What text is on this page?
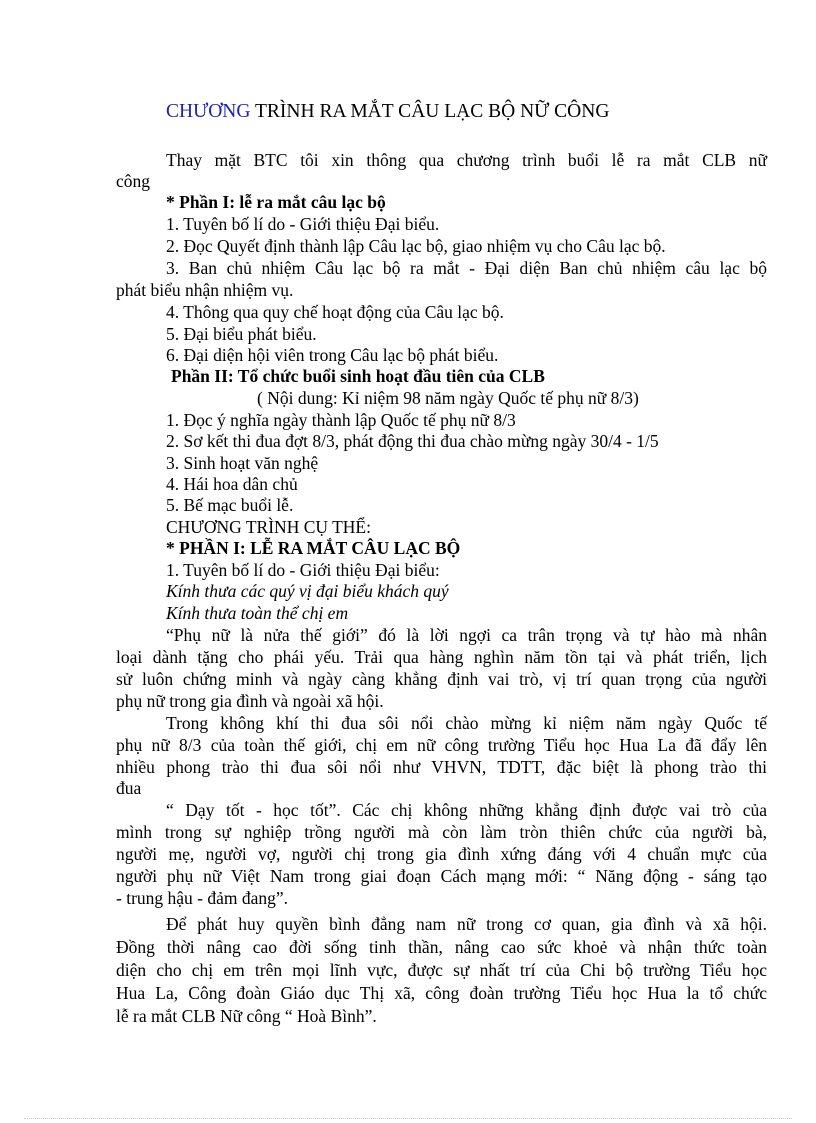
CHƯƠNG TRÌNH RA MẮT CÂU LẠC BỘ NỮ CÔNG
Thay mặt BTC tôi xin thông qua chương trình buổi lễ ra mắt CLB nữ
công
* Phần I: lễ ra mắt câu lạc bộ
1. Tuyên bố lí do - Giới thiệu Đại biểu.
2. Đọc Quyết định thành lập Câu lạc bộ, giao nhiệm vụ cho Câu lạc bộ.
3. Ban chủ nhiệm Câu lạc bộ ra mắt - Đại diện Ban chủ nhiệm câu lạc bộ
phát biểu nhận nhiệm vụ.
4. Thông qua quy chế hoạt động của Câu lạc bộ.
5. Đại biểu phát biểu.
6. Đại diện hội viên trong Câu lạc bộ phát biểu.
Phần II: Tổ chức buổi sinh hoạt đầu tiên của CLB
( Nội dung: Kỉ niệm 98 năm ngày Quốc tế phụ nữ 8/3)
1. Đọc ý nghĩa ngày thành lập Quốc tế phụ nữ 8/3
2. Sơ kết thi đua đợt 8/3, phát động thi đua chào mừng ngày 30/4 - 1/5
3. Sinh hoạt văn nghệ
4. Hái hoa dân chủ
5. Bế mạc buổi lễ.
CHƯƠNG TRÌNH CỤ THỂ:
* PHẦN I: LỄ RA MẮT CÂU LẠC BỘ
1. Tuyên bố lí do - Giới thiệu Đại biểu:
Kính thưa các quý vị đại biểu khách quý
Kính thưa toàn thể chị em
“Phụ nữ là nửa thế giới” đó là lời ngợi ca trân trọng và tự hào mà nhân
loại dành tặng cho phái yếu. Trải qua hàng nghìn năm tồn tại và phát triển, lịch
sử luôn chứng minh và ngày càng khẳng định vai trò, vị trí quan trọng của người
phụ nữ trong gia đình và ngoài xã hội.
Trong không khí thi đua sôi nổi chào mừng kỉ niệm năm ngày Quốc tế
phụ nữ 8/3 của toàn thế giới, chị em nữ công trường Tiểu học Hua La đã đẩy lên
nhiều phong trào thi đua sôi nổi như VHVN, TDTT, đặc biệt là phong trào thi
đua
“ Dạy tốt - học tốt”. Các chị không những khẳng định được vai trò của
mình trong sự nghiệp trồng người mà còn làm tròn thiên chức của người bà,
người mẹ, người vợ, người chị trong gia đình xứng đáng với 4 chuẩn mực của
người phụ nữ Việt Nam trong giai đoạn Cách mạng mới: “ Năng động - sáng tạo
- trung hậu - đảm đang”.
Để phát huy quyền bình đẳng nam nữ trong cơ quan, gia đình và xã hội.
Đồng thời nâng cao đời sống tinh thần, nâng cao sức khoẻ và nhận thức toàn
diện cho chị em trên mọi lĩnh vực, được sự nhất trí của Chi bộ trường Tiểu học
Hua La, Công đoàn Giáo dục Thị xã, công đoàn trường Tiểu học Hua la tổ chức
lễ ra mắt CLB Nữ công “ Hoà Bình”.
